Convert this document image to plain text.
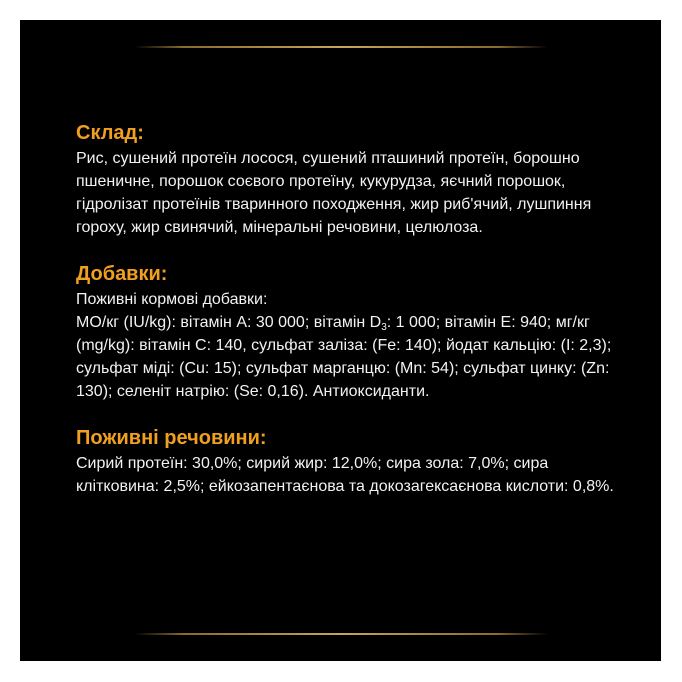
Склад:

Рис, сушений протеїн лосося, сушений пташиний протеїн, борошно пшеничне, порошок соєвого протеїну, кукурудза, яєчний порошок, гідролізат протеїнів тваринного походження, жир риб'ячий, лушпиння гороху, жир свинячий, мінеральні речовини, целюлоза.

Добавки:

Поживні кормові добавки:
МО/кг (IU/kg): вітамін А: 30 000; вітамін $D_3$: 1 000; вітамін Е: 940; мг/кг (mg/kg): вітамін С: 140, сульфат заліза: (Fe: 140); йодат кальцію: (I: 2,3); сульфат міді: (Cu: 15); сульфат марганцю: (Mn: 54); сульфат цинку: (Zn: 130); селеніт натрію: (Se: 0,16). Антиоксиданти.

Поживні речовини:

Сирий протеїн: 30,0%; сирий жир: 12,0%; сира зола: 7,0%; сира клітковина: 2,5%; ейкозапентаєнова та докозагексаєнова кислоти: 0,8%.
